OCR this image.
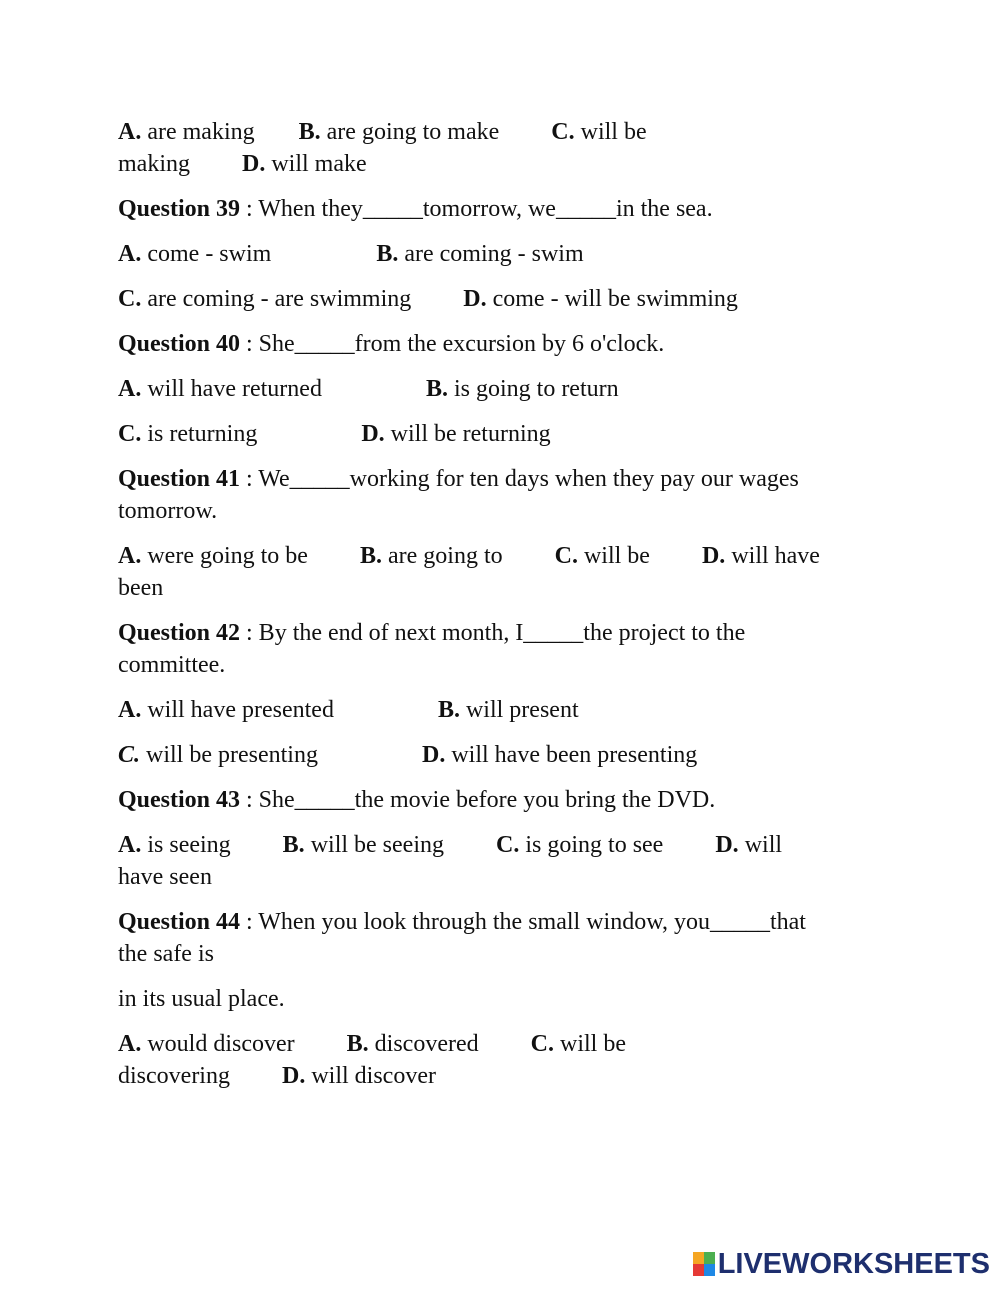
A. are making B. are going to make C. will be

making D. will make

Question 39 : When they_____tomorrow, we_____in the sea.

A. come - swim	B. are coming - swim

C. are coming - are swimming D. come - will be swimming

Question 40 : She_____from the excursion by 6 o'clock.

A. will have returned	B. is going to return

C. is returning	D. will be returning

Question 41 : We_____working for ten days when they pay our wages

tomorrow.

A. were going to be B. are going to C. will be D. will have

been

Question 42 : By the end of next month, I_____the project to the

committee.

A. will have presented	B. will present

C. will be presenting	D. will have been presenting

Question 43 : She_____the movie before you bring the DVD.

A. is seeing B. will be seeing C. is going to see D. will

have seen

Question 44 : When you look through the small window, you_____that

the safe is

in its usual place.

A. would discover B. discovered C. will be

discovering D. will discover

LIVEWORKSHEETS
